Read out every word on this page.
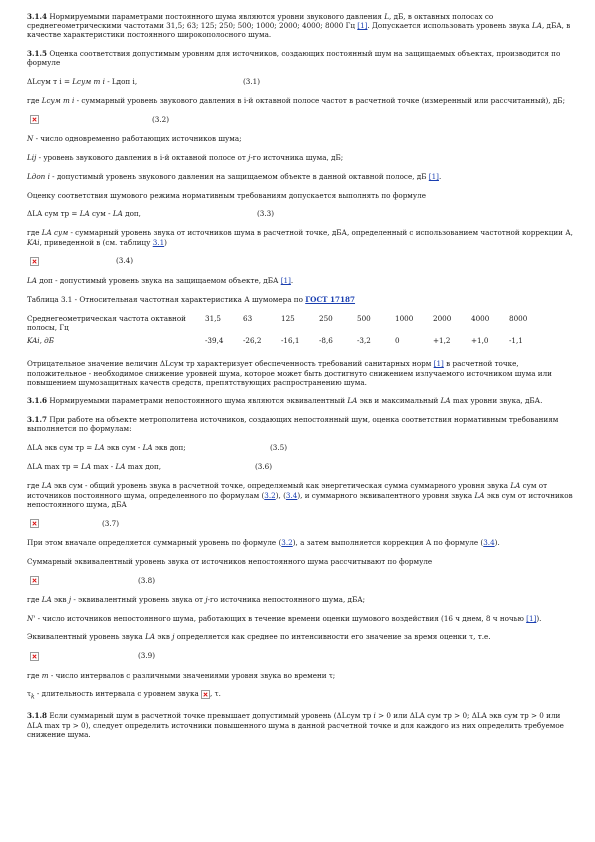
3.1.4 Нормируемыми параметрами постоянного шума являются уровни звукового давления L, дБ, в октавных полосах со среднегеометрическими частотами 31,5; 63; 125; 250; 500; 1000; 2000; 4000; 8000 Гц [1]. Допускается использовать уровень звука LA, дБА, в качестве характеристики постоянного широкополосного шума.

3.1.5 Оценка соответствия допустимым уровням для источников, создающих постоянный шум на защищаемых объектах, производится по формуле

ΔLсум т i = Lсум т i - Lдоп i,	(3.1)

где Lсум т i - суммарный уровень звукового давления в i-й октавной полосе частот в расчетной точке (измеренный или рассчитанный), дБ;

(3.2)

N - число одновременно работающих источников шума;

Lij - уровень звукового давления в i-й октавной полосе от j-го источника шума, дБ;

Lдоп i - допустимый уровень звукового давления на защищаемом объекте в данной октавной полосе, дБ [1].

Оценку соответствия шумового режима нормативным требованиям допускается выполнять по формуле

ΔLA сум тр = LA сум - LA доп,	(3.3)

где LA сум - суммарный уровень звука от источников шума в расчетной точке, дБА, определенный с использованием частотной коррекции А, KAi, приведенной в (см. таблицу 3.1)

(3.4)

LA доп - допустимый уровень звука на защищаемом объекте, дБА [1].

Таблица 3.1 - Относительная частотная характеристика А шумомера по ГОСТ 17187

Среднегеометрическая частота октавной полосы, Гц	31,5	63	125	250	500	1000	2000	4000	8000
KAi, дБ	-39,4	-26,2	-16,1	-8,6	-3,2	0	+1,2	+1,0	-1,1

Отрицательное значение величин ΔLсум тр характеризует обеспеченность требований санитарных норм [1] в расчетной точке, положительное - необходимое снижение уровней шума, которое может быть достигнуто снижением излучаемого источником шума или повышением шумозащитных качеств средств, препятствующих распространению шума.

3.1.6 Нормируемыми параметрами непостоянного шума являются эквивалентный LA экв и максимальный LA max уровни звука, дБА.

3.1.7 При работе на объекте метрополитена источников, создающих непостоянный шум, оценка соответствия нормативным требованиям выполняется по формулам:

ΔLA экв сум тр = LA экв сум - LA экв доп;	(3.5)
ΔLA max тр = LA max - LA max доп,	(3.6)

где LA экв сум - общий уровень звука в расчетной точке, определяемый как энергетическая сумма суммарного уровня звука LA сум от источников постоянного шума, определенного по формулам (3.2), (3.4), и суммарного эквивалентного уровня звука LA экв сум от источников непостоянного шума, дБА

(3.7)

При этом вначале определяется суммарный уровень по формуле (3.2), а затем выполняется коррекция А по формуле (3.4).

Суммарный эквивалентный уровень звука от источников непостоянного шума рассчитывают по формуле

(3.8)

где LA экв j - эквивалентный уровень звука от j-го источника непостоянного шума, дБА;

N' - число источников непостоянного шума, работающих в течение времени оценки шумового воздействия (16 ч днем, 8 ч ночью [1]).

Эквивалентный уровень звука LA экв j определяется как среднее по интенсивности его значение за время оценки τ, т.е.

(3.9)

где m - число интервалов с различными значениями уровня звука во времени τ;

$\tau_k$ - длительность интервала с уровнем звука , τ.

3.1.8 Если суммарный шум в расчетной точке превышает допустимый уровень (ΔLсум тр i > 0 или ΔLA сум тр > 0; ΔLA экв сум тр > 0 или ΔLA max тр > 0), следует определить источники повышенного шума в данной расчетной точке и для каждого из них определить требуемое снижение шума.
